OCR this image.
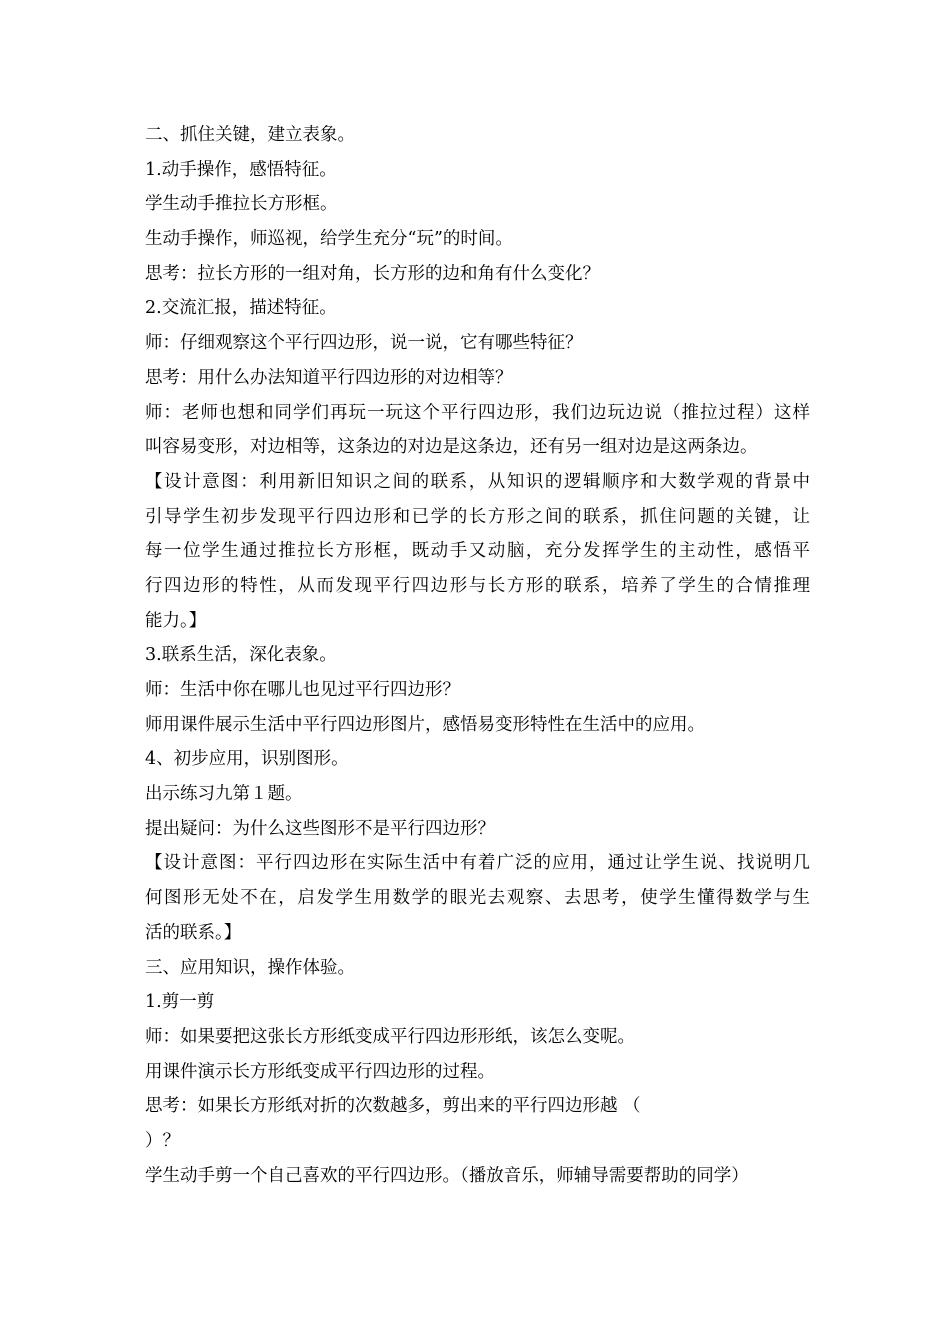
二、抓住关键，建立表象。
1.动手操作，感悟特征。
学生动手推拉长方形框。
生动手操作，师巡视，给学生充分“玩”的时间。
思考：拉长方形的一组对角，长方形的边和角有什么变化？
2.交流汇报，描述特征。
师：仔细观察这个平行四边形，说一说，它有哪些特征？
思考：用什么办法知道平行四边形的对边相等？
师：老师也想和同学们再玩一玩这个平行四边形，我们边玩边说（推拉过程）这样
叫容易变形，对边相等，这条边的对边是这条边，还有另一组对边是这两条边。
【设计意图：利用新旧知识之间的联系，从知识的逻辑顺序和大数学观的背景中
引导学生初步发现平行四边形和已学的长方形之间的联系，抓住问题的关键，让
每一位学生通过推拉长方形框，既动手又动脑，充分发挥学生的主动性，感悟平
行四边形的特性，从而发现平行四边形与长方形的联系，培养了学生的合情推理
能力。】
3.联系生活，深化表象。
师：生活中你在哪儿也见过平行四边形？
师用课件展示生活中平行四边形图片，感悟易变形特性在生活中的应用。
4、初步应用，识别图形。
出示练习九第１题。
提出疑问：为什么这些图形不是平行四边形？
【设计意图：平行四边形在实际生活中有着广泛的应用，通过让学生说、找说明几
何图形无处不在，启发学生用数学的眼光去观察、去思考，使学生懂得数学与生
活的联系。】
三、应用知识，操作体验。
1.剪一剪
师：如果要把这张长方形纸变成平行四边形形纸，该怎么变呢。
用课件演示长方形纸变成平行四边形的过程。
思考：如果长方形纸对折的次数越多，剪出来的平行四边形越 （
）？
学生动手剪一个自己喜欢的平行四边形。（播放音乐，师辅导需要帮助的同学）
